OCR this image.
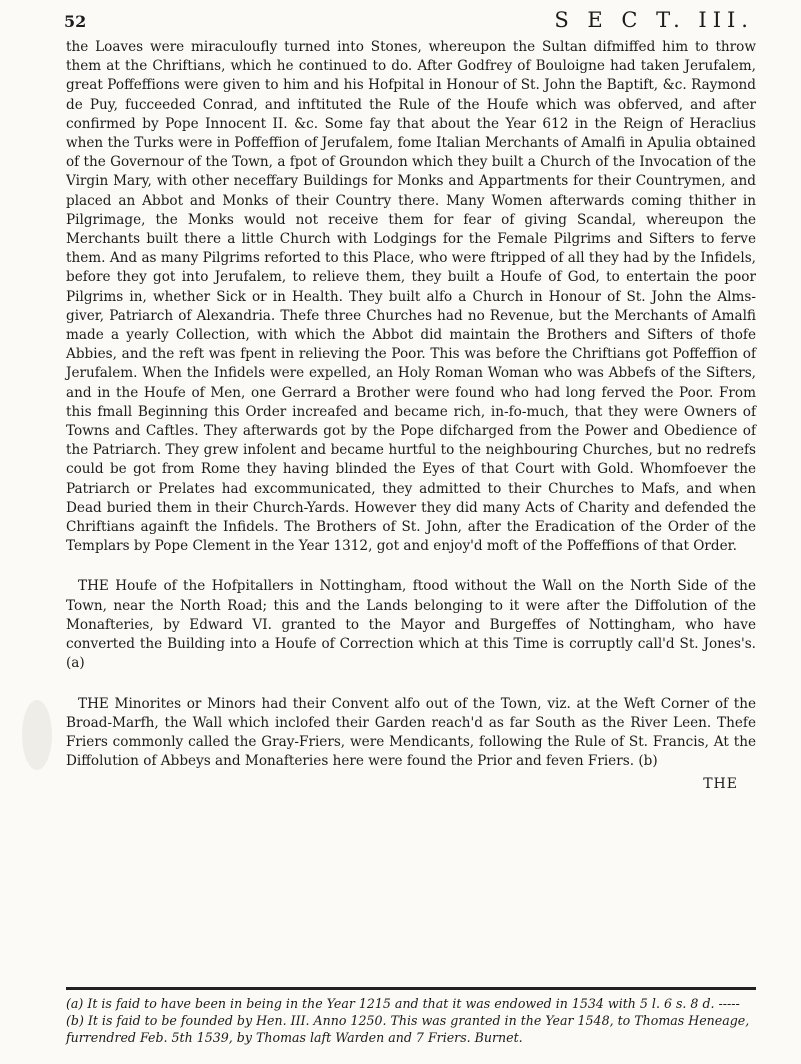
52	S E C T. III.

the Loaves were miraculoufly turned into Stones, whereupon the Sultan difmiffed him to throw them at the Chriftians, which he continued to do. After Godfrey of Bouloigne had taken Jerufalem, great Poffeffions were given to him and his Hofpital in Honour of St. John the Baptift, &c. Raymond de Puy, fucceeded Conrad, and inftituted the Rule of the Houfe which was obferved, and after confirmed by Pope Innocent II. &c. Some fay that about the Year 612 in the Reign of Heraclius when the Turks were in Poffeffion of Jerufalem, fome Italian Merchants of Amalfi in Apulia obtained of the Governour of the Town, a fpot of Groundon which they built a Church of the Invocation of the Virgin Mary, with other neceffary Buildings for Monks and Appartments for their Countrymen, and placed an Abbot and Monks of their Country there. Many Women afterwards coming thither in Pilgrimage, the Monks would not receive them for fear of giving Scandal, whereupon the Merchants built there a little Church with Lodgings for the Female Pilgrims and Sifters to ferve them. And as many Pilgrims reforted to this Place, who were ftripped of all they had by the Infidels, before they got into Jerufalem, to relieve them, they built a Houfe of God, to entertain the poor Pilgrims in, whether Sick or in Health. They built alfo a Church in Honour of St. John the Alms-giver, Patriarch of Alexandria. Thefe three Churches had no Revenue, but the Merchants of Amalfi made a yearly Collection, with which the Abbot did maintain the Brothers and Sifters of thofe Abbies, and the reft was fpent in relieving the Poor. This was before the Chriftians got Poffeffion of Jerufalem. When the Infidels were expelled, an Holy Roman Woman who was Abbefs of the Sifters, and in the Houfe of Men, one Gerrard a Brother were found who had long ferved the Poor. From this fmall Beginning this Order increafed and became rich, in-fo-much, that they were Owners of Towns and Caftles. They afterwards got by the Pope difcharged from the Power and Obedience of the Patriarch. They grew infolent and became hurtful to the neighbouring Churches, but no redrefs could be got from Rome they having blinded the Eyes of that Court with Gold. Whomfoever the Patriarch or Prelates had excommunicated, they admitted to their Churches to Mafs, and when Dead buried them in their Church-Yards. However they did many Acts of Charity and defended the Chriftians againft the Infidels. The Brothers of St. John, after the Eradication of the Order of the Templars by Pope Clement in the Year 1312, got and enjoy'd moft of the Poffeffions of that Order.

THE Houfe of the Hofpitallers in Nottingham, ftood without the Wall on the North Side of the Town, near the North Road; this and the Lands belonging to it were after the Diffolution of the Monafteries, by Edward VI. granted to the Mayor and Burgeffes of Nottingham, who have converted the Building into a Houfe of Correction which at this Time is corruptly call'd St. Jones's. (a)

THE Minorites or Minors had their Convent alfo out of the Town, viz. at the Weft Corner of the Broad-Marfh, the Wall which inclofed their Garden reach'd as far South as the River Leen. Thefe Friers commonly called the Gray-Friers, were Mendicants, following the Rule of St. Francis, At the Diffolution of Abbeys and Monafteries here were found the Prior and feven Friers. (b)

THE

(a) It is faid to have been in being in the Year 1215 and that it was endowed in 1534 with 5 l. 6 s. 8 d. ----- (b) It is faid to be founded by Hen. III. Anno 1250. This was granted in the Year 1548, to Thomas Heneage, furrendred Feb. 5th 1539, by Thomas laft Warden and 7 Friers. Burnet.
